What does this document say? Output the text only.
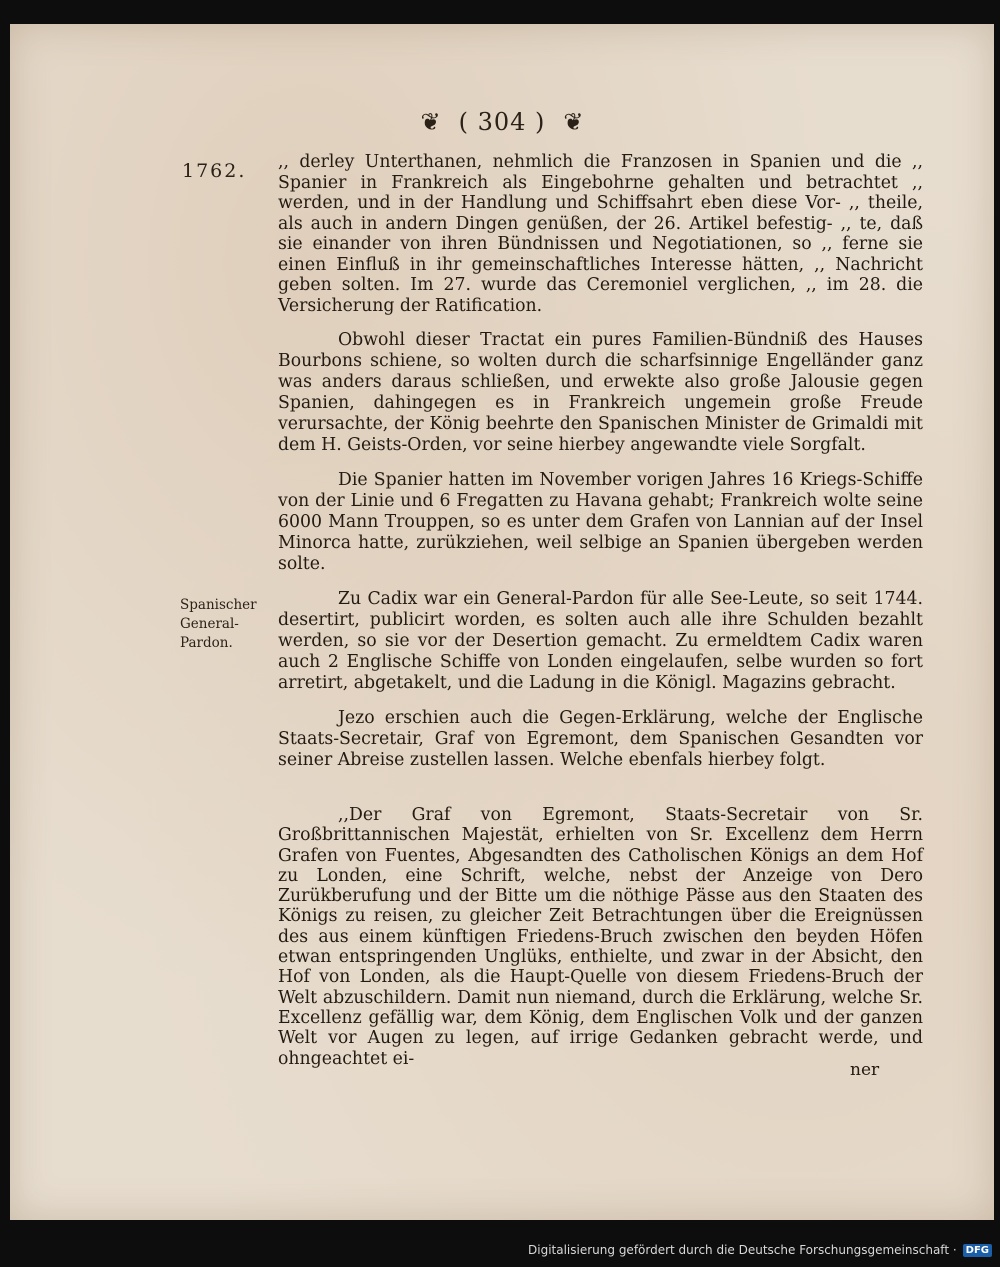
❦ ( 304 ) ❦
1762.
Spanischer General-Pardon.

,, derley Unterthanen, nehmlich die Franzosen in Spanien und die ,, Spanier in Frankreich als Eingebohrne gehalten und betrachtet ,, werden, und in der Handlung und Schiffsahrt eben diese Vor- ,, theile, als auch in andern Dingen genüßen, der 26. Artikel befestig- ,, te, daß sie einander von ihren Bündnissen und Negotiationen, so ,, ferne sie einen Einfluß in ihr gemeinschaftliches Interesse hätten, ,, Nachricht geben solten. Im 27. wurde das Ceremoniel verglichen, ,, im 28. die Versicherung der Ratification.

Obwohl dieser Tractat ein pures Familien-Bündniß des Hauses Bourbons schiene, so wolten durch die scharfsinnige Engelländer ganz was anders daraus schließen, und erwekte also große Jalousie gegen Spanien, dahingegen es in Frankreich ungemein große Freude verursachte, der König beehrte den Spanischen Minister de Grimaldi mit dem H. Geists-Orden, vor seine hierbey angewandte viele Sorgfalt.

Die Spanier hatten im November vorigen Jahres 16 Kriegs-Schiffe von der Linie und 6 Fregatten zu Havana gehabt; Frankreich wolte seine 6000 Mann Trouppen, so es unter dem Grafen von Lannian auf der Insel Minorca hatte, zurükziehen, weil selbige an Spanien übergeben werden solte.

Zu Cadix war ein General-Pardon für alle See-Leute, so seit 1744. desertirt, publicirt worden, es solten auch alle ihre Schulden bezahlt werden, so sie vor der Desertion gemacht. Zu ermeldtem Cadix waren auch 2 Englische Schiffe von Londen eingelaufen, selbe wurden so fort arretirt, abgetakelt, und die Ladung in die Königl. Magazins gebracht.

Jezo erschien auch die Gegen-Erklärung, welche der Englische Staats-Secretair, Graf von Egremont, dem Spanischen Gesandten vor seiner Abreise zustellen lassen. Welche ebenfals hierbey folgt.

,,Der Graf von Egremont, Staats-Secretair von Sr. Großbrittannischen Majestät, erhielten von Sr. Excellenz dem Herrn Grafen von Fuentes, Abgesandten des Catholischen Königs an dem Hof zu Londen, eine Schrift, welche, nebst der Anzeige von Dero Zurükberufung und der Bitte um die nöthige Pässe aus den Staaten des Königs zu reisen, zu gleicher Zeit Betrachtungen über die Ereignüssen des aus einem künftigen Friedens-Bruch zwischen den beyden Höfen etwan entspringenden Unglüks, enthielte, und zwar in der Absicht, den Hof von Londen, als die Haupt-Quelle von diesem Friedens-Bruch der Welt abzuschildern. Damit nun niemand, durch die Erklärung, welche Sr. Excellenz gefällig war, dem König, dem Englischen Volk und der ganzen Welt vor Augen zu legen, auf irrige Gedanken gebracht werde, und ohngeachtet ei-

ner
Digitalisierung gefördert durch die Deutsche Forschungsgemeinschaft · DFG
